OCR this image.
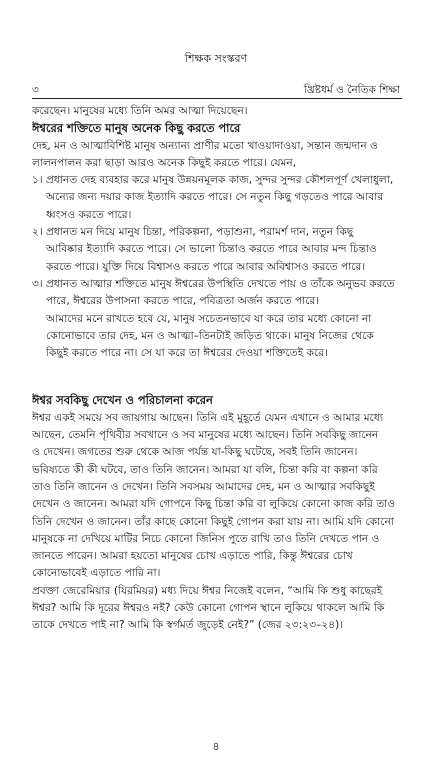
শিক্ষক সংস্করণ
৩	খ্রিষ্টধর্ম ও নৈতিক শিক্ষা
করেছেন। মানুষের মধ্যে তিনি অমর আত্মা দিয়েছেন।
ঈশ্বরের শক্তিতে মানুষ অনেক কিছু করতে পারে
দেহ, মন ও আত্মাবিশিষ্ট মানুষ অন্যান্য প্রাণীর মতো খাওয়াদাওয়া, সন্তান জন্মদান ও
লালনপালন করা ছাড়া আরও অনেক কিছুই করতে পারে। যেমন,
১। প্রধানত দেহ ব্যবহার করে মানুষ উন্নয়নমূলক কাজ, সুন্দর সুন্দর কৌশলপূর্ণ খেলাধুলা,
অন্যের জন্য দয়ার কাজ ইত্যাদি করতে পারে। সে নতুন কিছু গড়তেও পারে আবার
ধ্বংসও করতে পারে।
২। প্রধানত মন দিয়ে মানুষ চিন্তা, পরিকল্পনা, পড়াশুনা, পরামর্শ দান, নতুন কিছু
আবিষ্কার ইত্যাদি করতে পারে। সে ভালো চিন্তাও করতে পারে আবার মন্দ চিন্তাও
করতে পারে। যুক্তি দিয়ে বিশ্বাসও করতে পারে আবার অবিশ্বাসও করতে পারে।
৩। প্রধানত আত্মার শক্তিতে মানুষ ঈশ্বরের উপস্থিতি দেখতে পায় ও তাঁকে অনুভব করতে
পারে, ঈশ্বরের উপাসনা করতে পারে, পবিত্রতা অর্জন করতে পারে।
আমাদের মনে রাখতে হবে যে, মানুষ সচেতনভাবে যা করে তার মধ্যে কোনো না
কোনোভাবে তার দেহ, মন ও আত্মা–তিনটাই জড়িত থাকে। মানুষ নিজের থেকে
কিছুই করতে পারে না। সে যা করে তা ঈশ্বরের দেওয়া শক্তিতেই করে।
ঈশ্বর সবকিছু দেখেন ও পরিচালনা করেন
ঈশ্বর একই সময়ে সব জায়গায় আছেন। তিনি এই মুহূর্তে যেমন এখানে ও আমার মধ্যে
আছেন, তেমনি পৃথিবীর সবখানে ও সব মানুষের মধ্যে আছেন। তিনি সবকিছু জানেন
ও দেখেন। জগতের শুরু থেকে আজ পর্যন্ত যা-কিছু ঘটেছে, সবই তিনি জানেন।
ভবিষ্যতে কী কী ঘটবে, তাও তিনি জানেন। আমরা যা বলি, চিন্তা করি বা কল্পনা করি
তাও তিনি জানেন ও দেখেন। তিনি সবসময় আমাদের দেহ, মন ও আত্মার সবকিছুই
দেখেন ও জানেন। আমরা যদি গোপনে কিছু চিন্তা করি বা লুকিয়ে কোনো কাজ করি তাও
তিনি দেখেন ও জানেন। তাঁর কাছে কোনো কিছুই গোপন করা যায় না। আমি যদি কোনো
মানুষকে না দেখিয়ে মাটির নিচে কোনো জিনিস পুতে রাখি তাও তিনি দেখতে পান ও
জানতে পারেন। আমরা হয়তো মানুষের চোখ এড়াতে পারি, কিন্তু ঈশ্বরের চোখ
কোনোভাবেই এড়াতে পারি না।
প্রবক্তা জেরেমিয়ার (যিরমিয়র) মধ্য দিয়ে ঈশ্বর নিজেই বলেন, “আমি কি শুধু কাছেরই
ঈশ্বর? আমি কি দূরের ঈশ্বরও নই? কেউ কোনো গোপন স্থানে লুকিয়ে থাকলে আমি কি
তাকে দেখতে পাই না? আমি কি স্বর্গমর্ত জুড়েই নেই?” (জের ২৩:২৩–২৪)।
৪
